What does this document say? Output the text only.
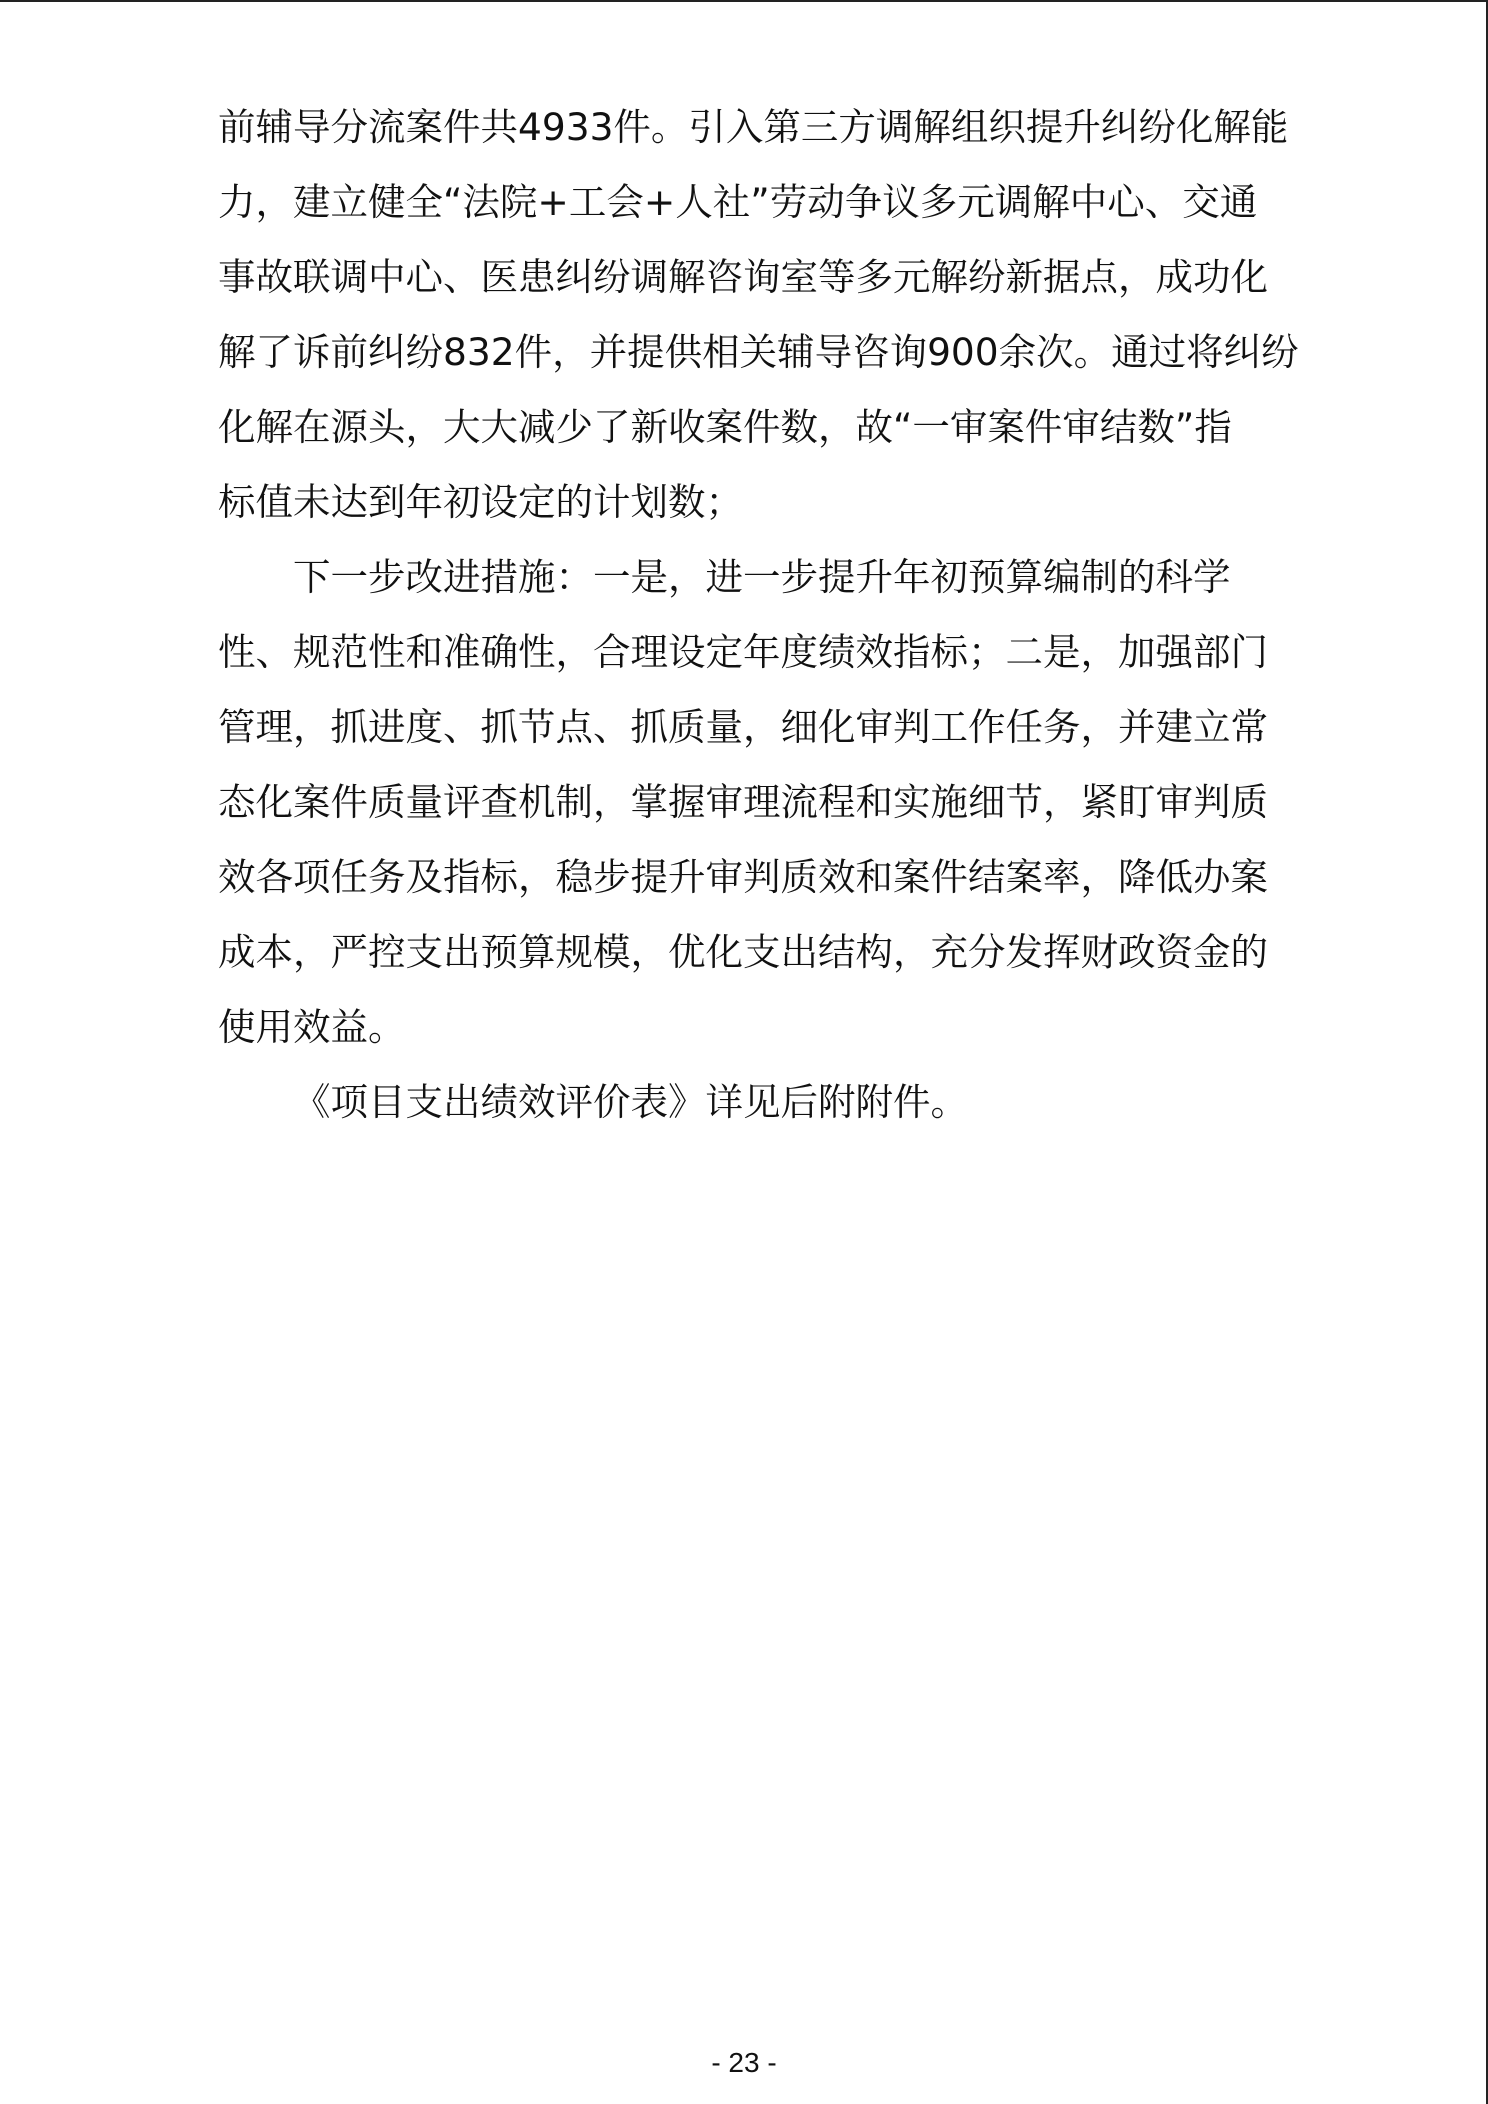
前辅导分流案件共4933件。引入第三方调解组织提升纠纷化解能
力，建立健全“法院+工会+人社”劳动争议多元调解中心、交通
事故联调中心、医患纠纷调解咨询室等多元解纷新据点，成功化
解了诉前纠纷832件，并提供相关辅导咨询900余次。通过将纠纷
化解在源头，大大减少了新收案件数，故“一审案件审结数”指
标值未达到年初设定的计划数；
下一步改进措施：一是，进一步提升年初预算编制的科学
性、规范性和准确性，合理设定年度绩效指标；二是，加强部门
管理，抓进度、抓节点、抓质量，细化审判工作任务，并建立常
态化案件质量评查机制，掌握审理流程和实施细节，紧盯审判质
效各项任务及指标，稳步提升审判质效和案件结案率，降低办案
成本，严控支出预算规模，优化支出结构，充分发挥财政资金的
使用效益。
《项目支出绩效评价表》详见后附附件。
- 23 -
